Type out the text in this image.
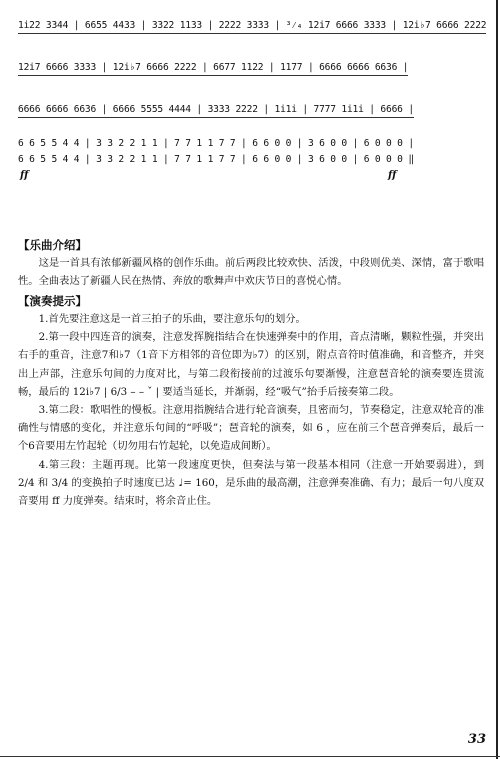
1i22 3344 | 6655 4433 | 3322 1133 | 2222 3333 | ³⁄₄ 12i7 6666 3333 | 12i♭7 6666 2222
12i7 6666 3333 | 12i♭7 6666 2222 | 6677 1122 | 1177 | 6666 6666 6636 |
6666 6666 6636 | 6666 5555 4444 | 3333 2222 | 1i1i | 7777 1i1i | 6666 |
6 6 5 5 4 4 | 3 3 2 2 1 1 | 7 7 1 1 7 7 | 6 6 0 0 | 3 6 0 0 | 6 0 0 0 |
6 6 5 5 4 4 | 3 3 2 2 1 1 | 7 7 1 1 7 7 | 6 6 0 0 | 3 6 0 0 | 6 0 0 0 ‖
ff	ff

【乐曲介绍】

这是一首具有浓郁新疆风格的创作乐曲。前后两段比较欢快、活泼，中段则优美、深情，富于歌唱性。全曲表达了新疆人民在热情、奔放的歌舞声中欢庆节日的喜悦心情。

【演奏提示】

1.首先要注意这是一首三拍子的乐曲，要注意乐句的划分。

2.第一段中四连音的演奏，注意发挥腕指结合在快速弹奏中的作用，音点清晰，颗粒性强，并突出右手的重音，注意7和♭7（1音下方相邻的音位即为♭7）的区别，附点音符时值准确，和音整齐，并突出上声部，注意乐句间的力度对比，与第二段衔接前的过渡乐句要渐慢，注意琶音轮的演奏要连贯流畅，最后的 12i♭7 | 6/3 – – ˇ | 要适当延长，并渐弱，经“吸气”抬手后接奏第二段。

3.第二段：歌唱性的慢板。注意用指腕结合进行轮音演奏，且密而匀，节奏稳定，注意双轮音的准确性与情感的变化，并注意乐句间的“呼吸”；琶音轮的演奏，如 6 ，应在前三个琶音弹奏后，最后一个6音要用左竹起轮（切勿用右竹起轮，以免造成间断）。

4.第三段：主题再现。比第一段速度更快，但奏法与第一段基本相同（注意一开始要弱进），到 2/4 和 3/4 的变换拍子时速度已达 ♩= 160，是乐曲的最高潮，注意弹奏准确、有力；最后一句八度双音要用 ff 力度弹奏。结束时，将余音止住。

33
